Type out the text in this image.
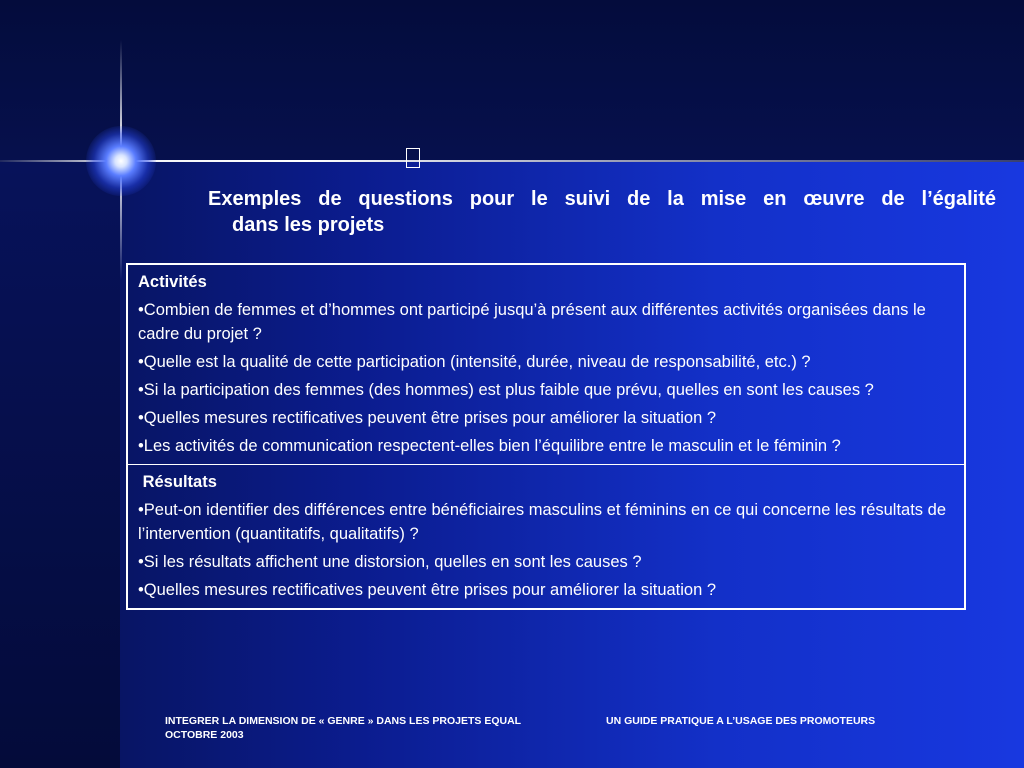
Exemples de questions pour le suivi de la mise en œuvre de l’égalité
dans les projets
Activités
•Combien de femmes et d’hommes ont participé jusqu’à présent aux différentes activités organisées dans le cadre du projet ?
•Quelle est la qualité de cette participation (intensité, durée, niveau de responsabilité, etc.) ?
•Si la participation des femmes (des hommes) est plus faible que prévu, quelles en sont les causes ?
•Quelles mesures rectificatives peuvent être prises pour améliorer la situation ?
•Les activités de communication respectent-elles bien l’équilibre entre le masculin et le féminin ?
Résultats
•Peut-on identifier des différences entre bénéficiaires masculins et féminins en ce qui concerne les résultats de l’intervention (quantitatifs, qualitatifs) ?
•Si les résultats affichent une distorsion, quelles en sont les causes ?
•Quelles mesures rectificatives peuvent être prises pour améliorer la situation ?
INTEGRER LA DIMENSION DE « GENRE » DANS LES PROJETS EQUAL
OCTOBRE 2003
UN GUIDE PRATIQUE A L’USAGE DES PROMOTEURS
